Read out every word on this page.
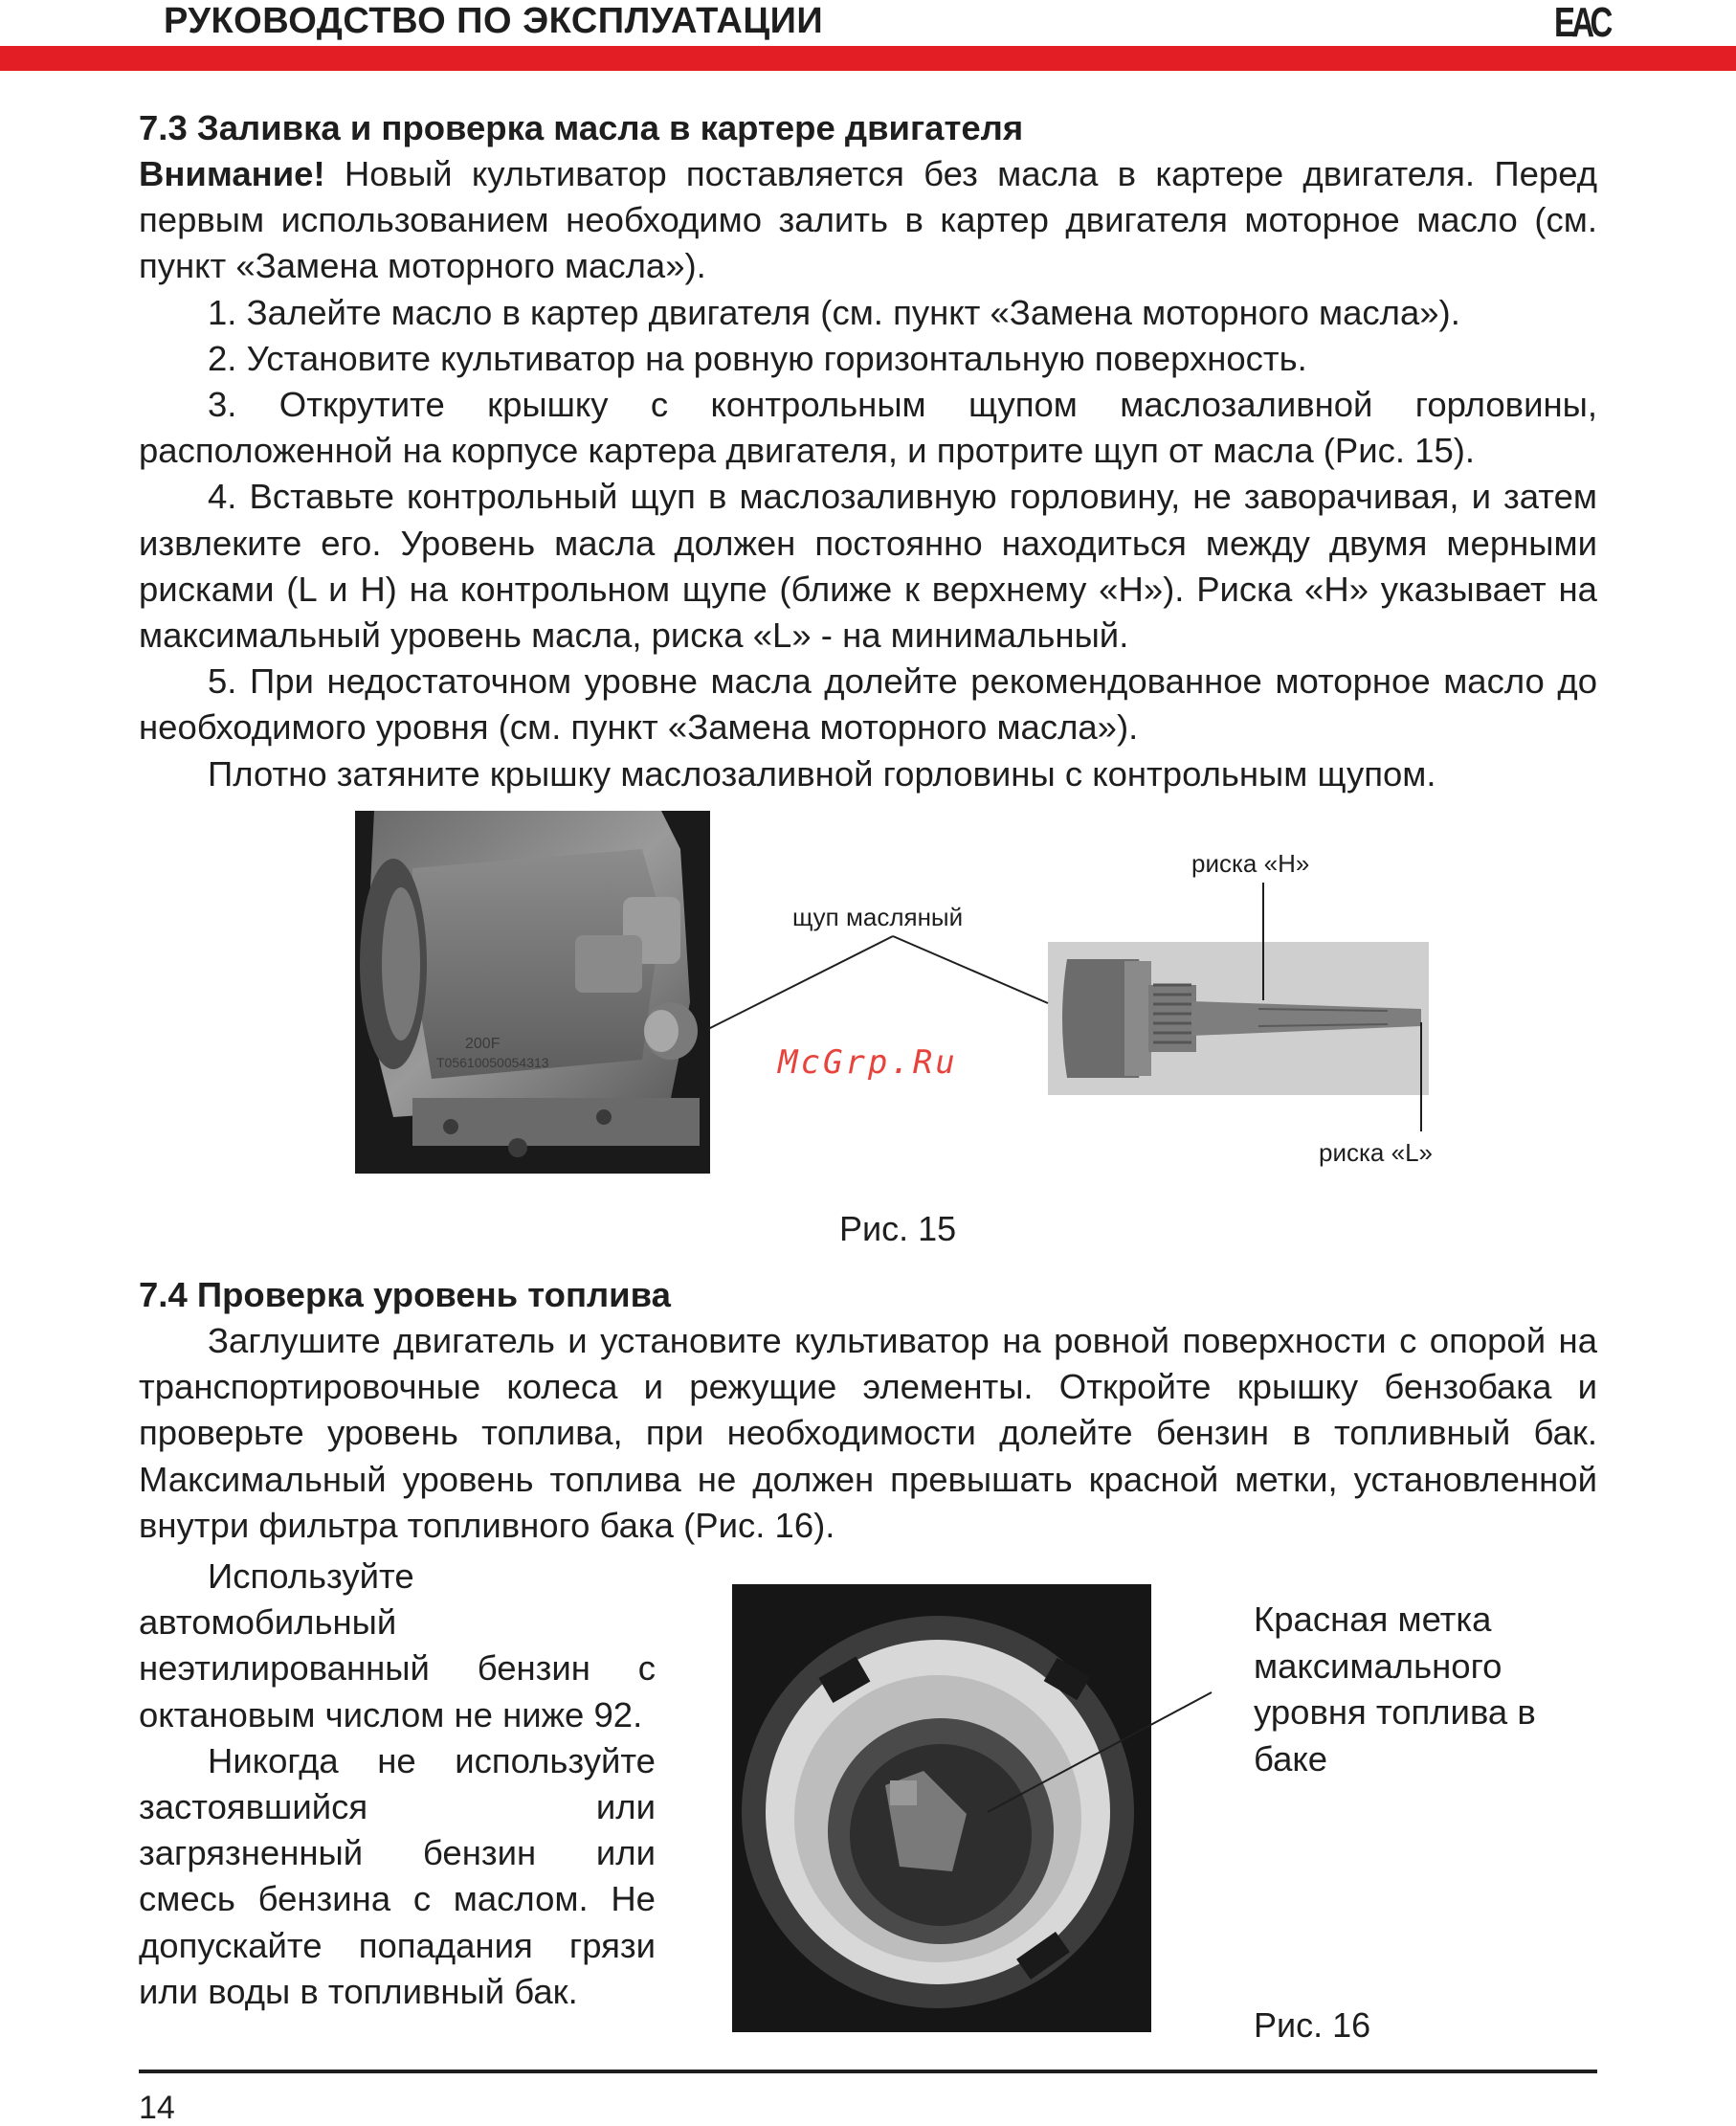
РУКОВОДСТВО ПО ЭКСПЛУАТАЦИИ	ЕАС

7.3 Заливка и проверка масла в картере двигателя

Внимание! Новый культиватор поставляется без масла в картере двигателя. Перед первым использованием необходимо залить в картер двигателя моторное масло (см. пункт «Замена моторного масла»).

1. Залейте масло в картер двигателя (см. пункт «Замена моторного масла»).

2. Установите культиватор на ровную горизонтальную поверхность.

3. Открутите крышку с контрольным щупом маслозаливной горловины, расположенной на корпусе картера двигателя, и протрите щуп от масла (Рис. 15).

4. Вставьте контрольный щуп в маслозаливную горловину, не заворачивая, и затем извлеките его. Уровень масла должен постоянно находиться между двумя мерными рисками (L и H) на контрольном щупе (ближе к верхнему «H»). Риска «H» указывает на максимальный уровень масла, риска «L» - на минимальный.

5. При недостаточном уровне масла долейте рекомендованное моторное масло до необходимого уровня (см. пункт «Замена моторного масла»).

Плотно затяните крышку маслозаливной горловины с контрольным щупом.

200F
T05610050054313
щуп масляный
риска «H»
риска «L»
McGrp.Ru
Рис. 15

7.4 Проверка уровень топлива

Заглушите двигатель и установите культиватор на ровной поверхности с опорой на транспортировочные колеса и режущие элементы. Откройте крышку бензобака и проверьте уровень топлива, при необходимости долейте бензин в топливный бак. Максимальный уровень топлива не должен превышать красной метки, установленной внутри фильтра топливного бака (Рис. 16).

Используйте автомобильный неэтилированный бензин с октановым числом не ниже 92.

Никогда не используйте застоявшийся или загрязненный бензин или смесь бензина с маслом. Не допускайте попадания грязи или воды в топливный бак.

Красная метка максимального уровня топлива в баке
Рис. 16
14
